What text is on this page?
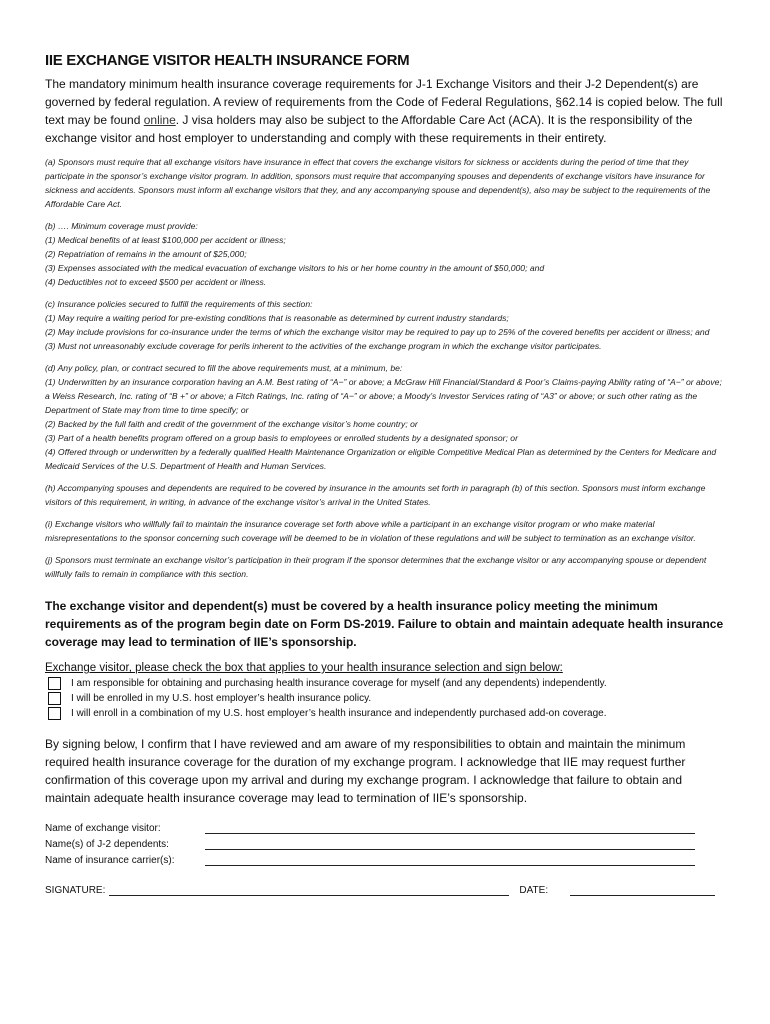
IIE EXCHANGE VISITOR HEALTH INSURANCE FORM

The mandatory minimum health insurance coverage requirements for J-1 Exchange Visitors and their J-2 Dependent(s) are governed by federal regulation. A review of requirements from the Code of Federal Regulations, §62.14 is copied below. The full text may be found online. J visa holders may also be subject to the Affordable Care Act (ACA). It is the responsibility of the exchange visitor and host employer to understanding and comply with these requirements in their entirety.

(a) Sponsors must require that all exchange visitors have insurance in effect that covers the exchange visitors for sickness or accidents during the period of time that they participate in the sponsor’s exchange visitor program. In addition, sponsors must require that accompanying spouses and dependents of exchange visitors have insurance for sickness and accidents. Sponsors must inform all exchange visitors that they, and any accompanying spouse and dependent(s), also may be subject to the requirements of the Affordable Care Act.

(b) …. Minimum coverage must provide:

(1) Medical benefits of at least $100,000 per accident or illness;

(2) Repatriation of remains in the amount of $25,000;

(3) Expenses associated with the medical evacuation of exchange visitors to his or her home country in the amount of $50,000; and

(4) Deductibles not to exceed $500 per accident or illness.

(c) Insurance policies secured to fulfill the requirements of this section:

(1) May require a waiting period for pre-existing conditions that is reasonable as determined by current industry standards;

(2) May include provisions for co-insurance under the terms of which the exchange visitor may be required to pay up to 25% of the covered benefits per accident or illness; and

(3) Must not unreasonably exclude coverage for perils inherent to the activities of the exchange program in which the exchange visitor participates.

(d) Any policy, plan, or contract secured to fill the above requirements must, at a minimum, be:

(1) Underwritten by an insurance corporation having an A.M. Best rating of “A−” or above; a McGraw Hill Financial/Standard & Poor’s Claims-paying Ability rating of “A−” or above; a Weiss Research, Inc. rating of “B +” or above; a Fitch Ratings, Inc. rating of “A−” or above; a Moody’s Investor Services rating of “A3” or above; or such other rating as the Department of State may from time to time specify; or

(2) Backed by the full faith and credit of the government of the exchange visitor’s home country; or

(3) Part of a health benefits program offered on a group basis to employees or enrolled students by a designated sponsor; or

(4) Offered through or underwritten by a federally qualified Health Maintenance Organization or eligible Competitive Medical Plan as determined by the Centers for Medicare and Medicaid Services of the U.S. Department of Health and Human Services.

(h) Accompanying spouses and dependents are required to be covered by insurance in the amounts set forth in paragraph (b) of this section. Sponsors must inform exchange visitors of this requirement, in writing, in advance of the exchange visitor’s arrival in the United States.

(i) Exchange visitors who willfully fail to maintain the insurance coverage set forth above while a participant in an exchange visitor program or who make material misrepresentations to the sponsor concerning such coverage will be deemed to be in violation of these regulations and will be subject to termination as an exchange visitor.

(j) Sponsors must terminate an exchange visitor’s participation in their program if the sponsor determines that the exchange visitor or any accompanying spouse or dependent willfully fails to remain in compliance with this section.

The exchange visitor and dependent(s) must be covered by a health insurance policy meeting the minimum requirements as of the program begin date on Form DS-2019. Failure to obtain and maintain adequate health insurance coverage may lead to termination of IIE’s sponsorship.

Exchange visitor, please check the box that applies to your health insurance selection and sign below:
I am responsible for obtaining and purchasing health insurance coverage for myself (and any dependents) independently.
I will be enrolled in my U.S. host employer’s health insurance policy.
I will enroll in a combination of my U.S. host employer’s health insurance and independently purchased add-on coverage.

By signing below, I confirm that I have reviewed and am aware of my responsibilities to obtain and maintain the minimum required health insurance coverage for the duration of my exchange program. I acknowledge that IIE may request further confirmation of this coverage upon my arrival and during my exchange program. I acknowledge that failure to obtain and maintain adequate health insurance coverage may lead to termination of IIE’s sponsorship.

Name of exchange visitor:
Name(s) of J-2 dependents:
Name of insurance carrier(s):
SIGNATURE:	DATE:
